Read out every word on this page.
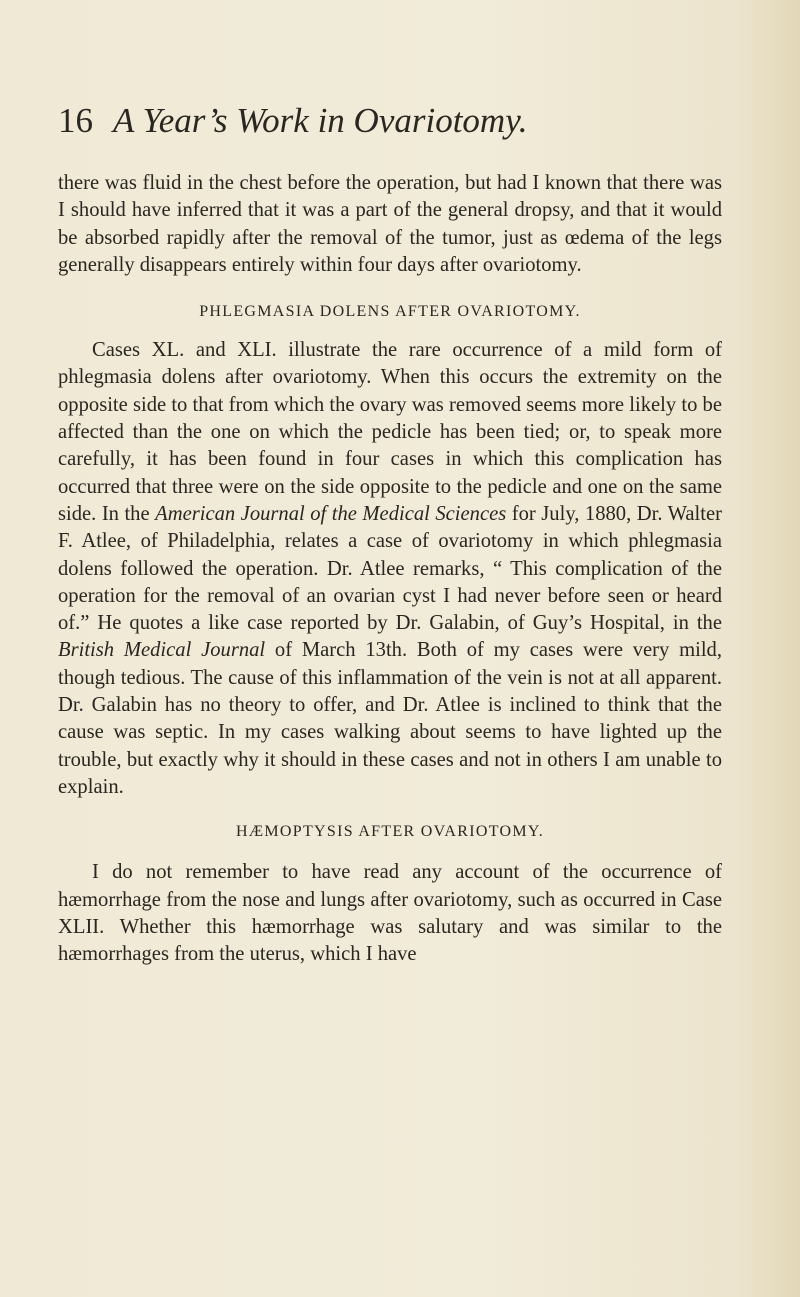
16 A Year’s Work in Ovariotomy.

there was fluid in the chest before the operation, but had I known that there was I should have inferred that it was a part of the general dropsy, and that it would be absorbed rapidly after the removal of the tumor, just as œdema of the legs generally disappears entirely within four days after ovariotomy.

PHLEGMASIA DOLENS AFTER OVARIOTOMY.

Cases XL. and XLI. illustrate the rare occurrence of a mild form of phlegmasia dolens after ovariotomy. When this occurs the extremity on the opposite side to that from which the ovary was removed seems more likely to be affected than the one on which the pedicle has been tied; or, to speak more carefully, it has been found in four cases in which this complication has occurred that three were on the side opposite to the pedicle and one on the same side. In the American Journal of the Medical Sciences for July, 1880, Dr. Walter F. Atlee, of Philadelphia, relates a case of ovariotomy in which phlegmasia dolens followed the operation. Dr. Atlee remarks, “ This complication of the operation for the removal of an ovarian cyst I had never before seen or heard of.” He quotes a like case reported by Dr. Galabin, of Guy’s Hospital, in the British Medical Journal of March 13th. Both of my cases were very mild, though tedious. The cause of this inflammation of the vein is not at all apparent. Dr. Galabin has no theory to offer, and Dr. Atlee is inclined to think that the cause was septic. In my cases walking about seems to have lighted up the trouble, but exactly why it should in these cases and not in others I am unable to explain.

HÆMOPTYSIS AFTER OVARIOTOMY.

I do not remember to have read any account of the occurrence of hæmorrhage from the nose and lungs after ovariotomy, such as occurred in Case XLII. Whether this hæmorrhage was salutary and was similar to the hæmorrhages from the uterus, which I have
